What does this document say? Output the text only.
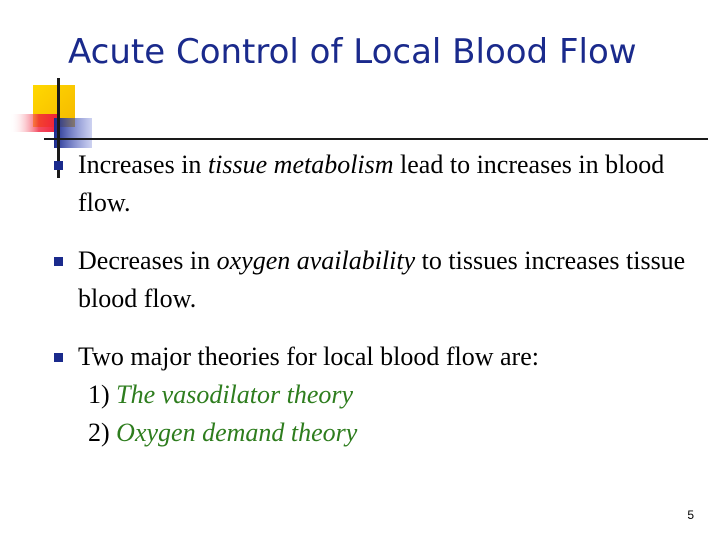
Acute Control of Local Blood Flow
Increases in tissue metabolism lead to increases in blood flow.
Decreases in oxygen availability to tissues increases tissue blood flow.
Two major theories for local blood flow are:
1) The vasodilator theory
2) Oxygen demand theory
5
